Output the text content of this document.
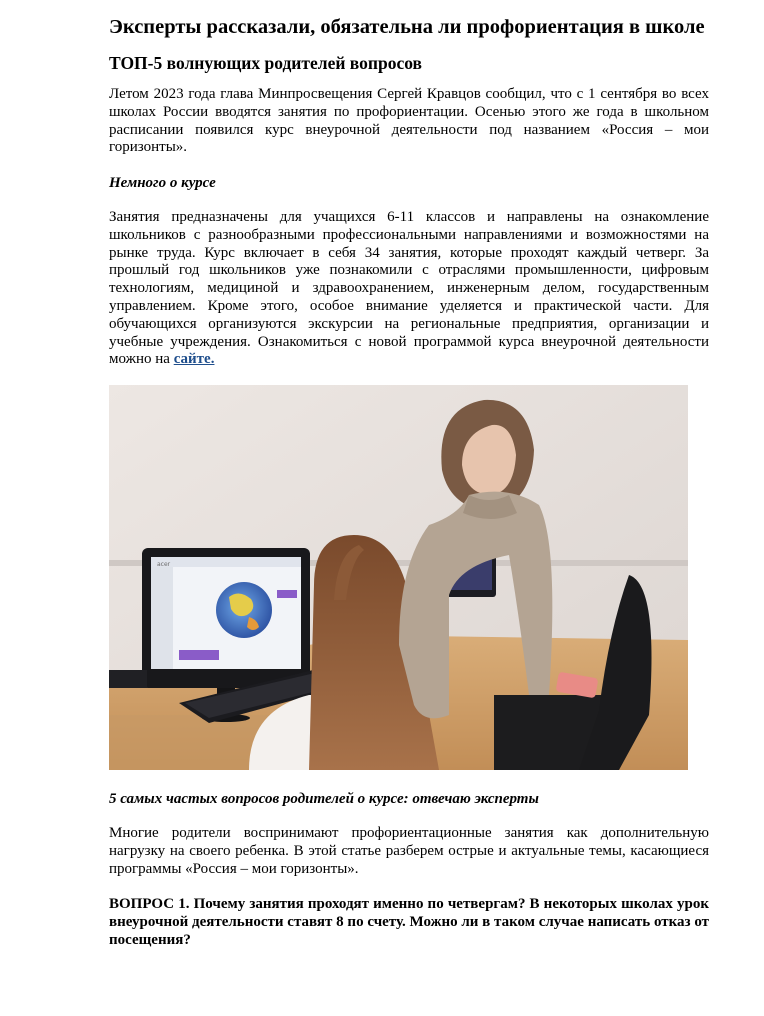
Эксперты рассказали, обязательна ли профориентация в школе
ТОП-5 волнующих родителей вопросов
Летом 2023 года глава Минпросвещения Сергей Кравцов сообщил, что с 1 сентября во всех школах России вводятся занятия по профориентации. Осенью этого же года в школьном расписании появился курс внеурочной деятельности под названием «Россия – мои горизонты».
Немного о курсе
Занятия предназначены для учащихся 6-11 классов и направлены на ознакомление школьников с разнообразными профессиональными направлениями и возможностями на рынке труда. Курс включает в себя 34 занятия, которые проходят каждый четверг. За прошлый год школьников уже познакомили с отраслями промышленности, цифровым технологиям, медициной и здравоохранением, инженерным делом, государственным управлением. Кроме этого, особое внимание уделяется и практической части. Для обучающихся организуются экскурсии на региональные предприятия, организации и учебные учреждения. Ознакомиться с новой программой курса внеурочной деятельности можно на сайте.
acer
5 самых частых вопросов родителей о курсе: отвечаю эксперты
Многие родители воспринимают профориентационные занятия как дополнительную нагрузку на своего ребенка. В этой статье разберем острые и актуальные темы, касающиеся программы «Россия – мои горизонты».
ВОПРОС 1. Почему занятия проходят именно по четвергам? В некоторых школах урок внеурочной деятельности ставят 8 по счету. Можно ли в таком случае написать отказ от посещения?
